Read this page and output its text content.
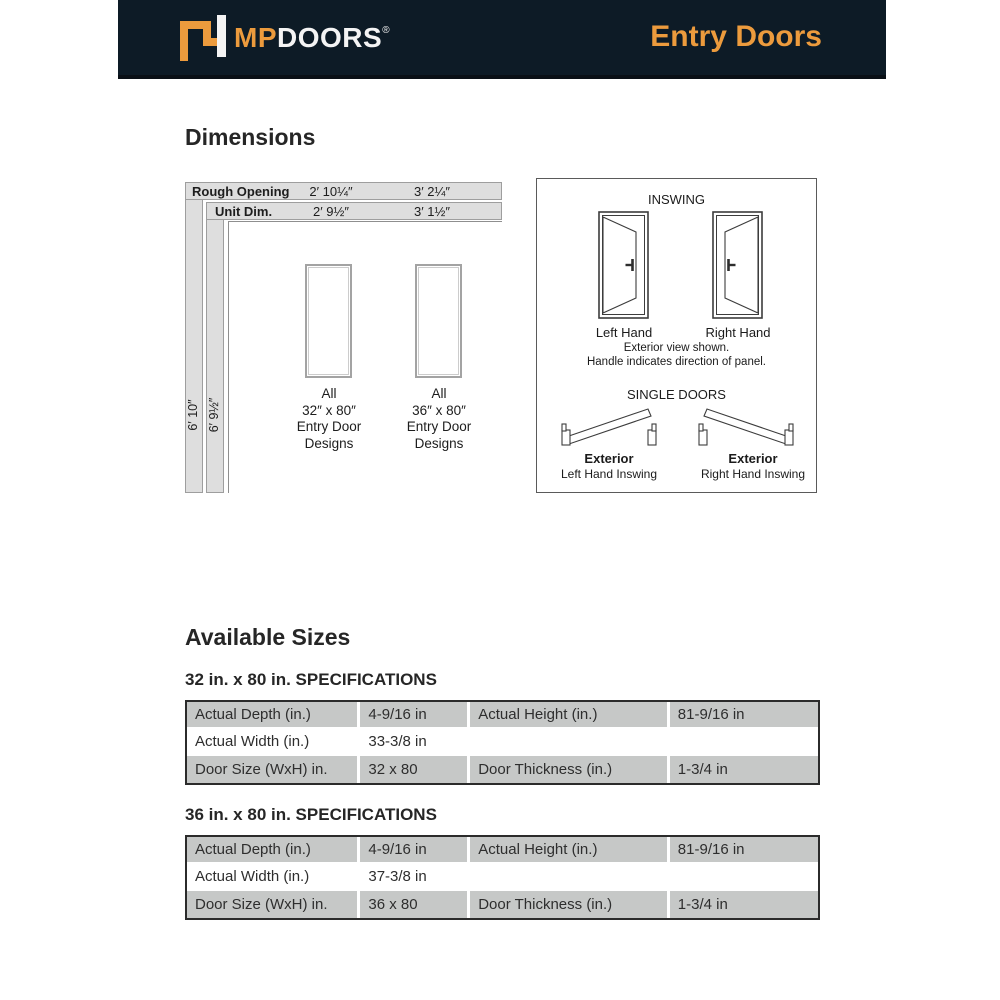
MPDOORS®	Entry Doors
Dimensions
Rough Opening	2′ 10¼″	3′ 2¼″
Unit Dim.	2′ 9½″	3′ 1½″
6′ 10″ 6′ 9½″
All
32″ x 80″
Entry Door
Designs
All
36″ x 80″
Entry Door
Designs
INSWING
Left Hand	Right Hand
Exterior view shown.
Handle indicates direction of panel.
SINGLE DOORS
Exterior
Left Hand Inswing
Exterior
Right Hand Inswing
Available Sizes
32 in. x 80 in. SPECIFICATIONS
Actual Depth (in.)	4-9/16 in	Actual Height (in.)	81-9/16 in
Actual Width (in.)	33-3/8 in		
Door Size (WxH) in.	32 x 80	Door Thickness (in.)	1-3/4 in
36 in. x 80 in. SPECIFICATIONS
Actual Depth (in.)	4-9/16 in	Actual Height (in.)	81-9/16 in
Actual Width (in.)	37-3/8 in		
Door Size (WxH) in.	36 x 80	Door Thickness (in.)	1-3/4 in
